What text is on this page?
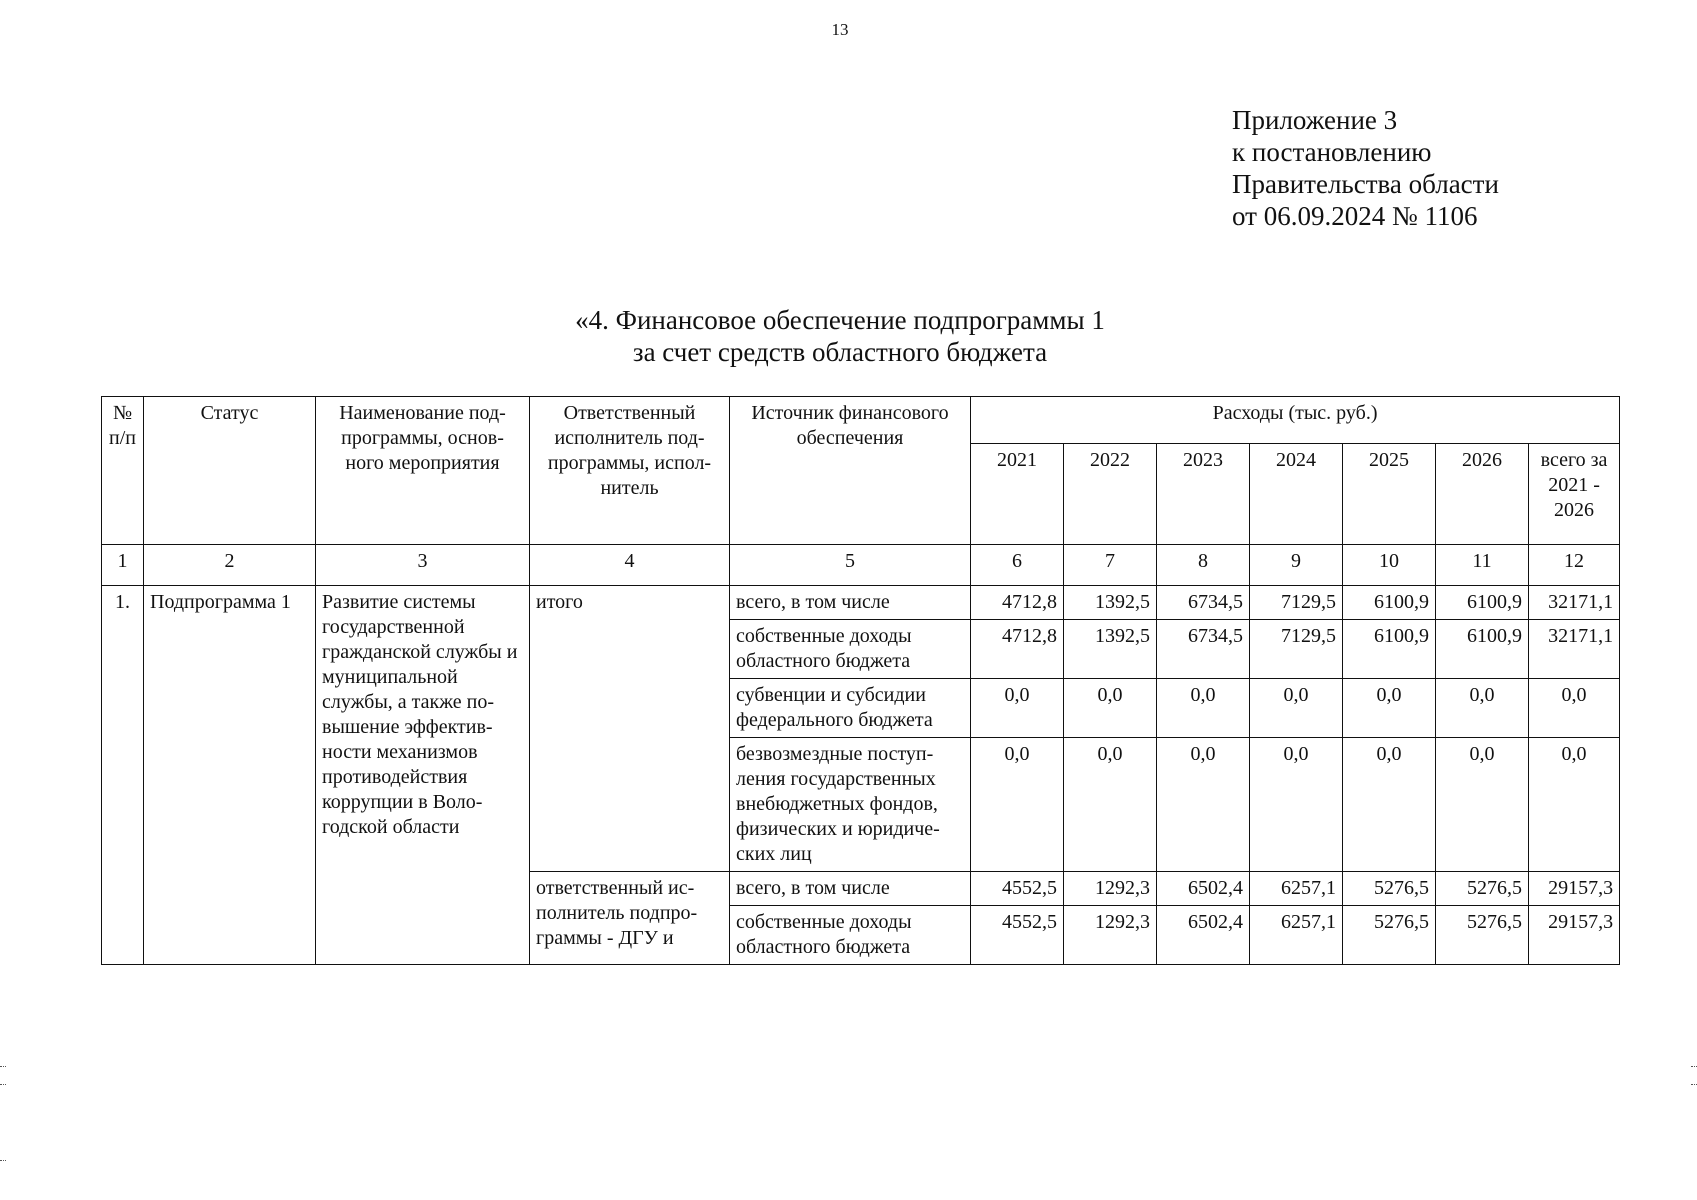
13
Приложение 3
к постановлению
Правительства области
от 06.09.2024 № 1106
«4. Финансовое обеспечение подпрограммы 1
за счет средств областного бюджета
№ п/п	Статус	Наименование под- программы, основ- ного мероприятия	Ответственный исполнитель под- программы, испол- нитель	Источник финансового обеспечения	Расходы (тыс. руб.)						
					2021	2022	2023	2024	2025	2026	всего за 2021 - 2026
1	2	3	4	5	6	7	8	9	10	11	12
1.	Подпрограмма 1	Развитие системы государственной гражданской службы и муниципальной службы, а также по- вышение эффектив- ности механизмов противодействия коррупции в Воло- годской области	итого	всего, в том числе	4712,8	1392,5	6734,5	7129,5	6100,9	6100,9	32171,1
				собственные доходы областного бюджета	4712,8	1392,5	6734,5	7129,5	6100,9	6100,9	32171,1
				субвенции и субсидии федерального бюджета	0,0	0,0	0,0	0,0	0,0	0,0	0,0
				безвозмездные поступ- ления государственных внебюджетных фондов, физических и юридиче- ских лиц	0,0	0,0	0,0	0,0	0,0	0,0	0,0
			ответственный ис- полнитель подпро- граммы - ДГУ и	всего, в том числе	4552,5	1292,3	6502,4	6257,1	5276,5	5276,5	29157,3
				собственные доходы областного бюджета	4552,5	1292,3	6502,4	6257,1	5276,5	5276,5	29157,3
